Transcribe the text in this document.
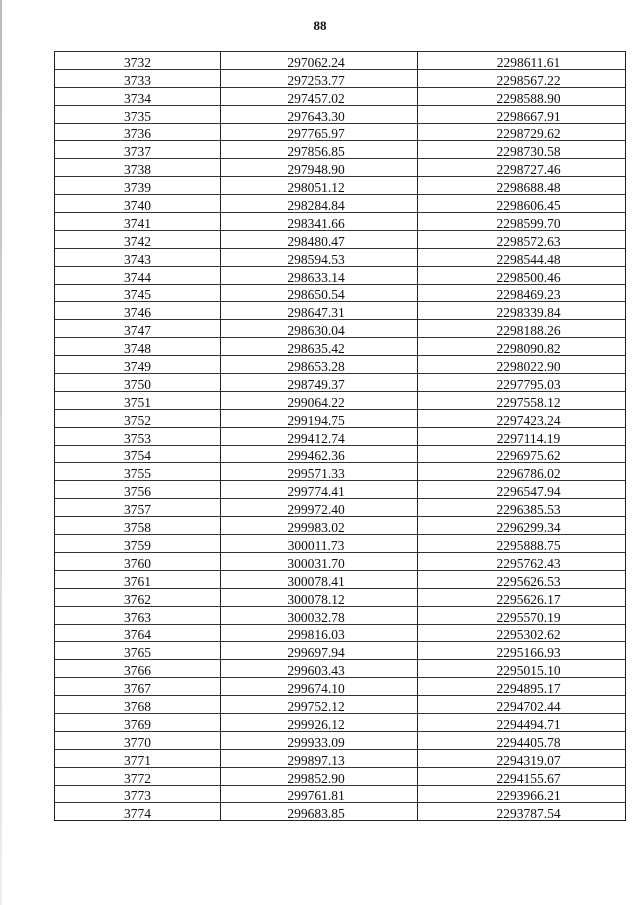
88
3732	297062.24	2298611.61
3733	297253.77	2298567.22
3734	297457.02	2298588.90
3735	297643.30	2298667.91
3736	297765.97	2298729.62
3737	297856.85	2298730.58
3738	297948.90	2298727.46
3739	298051.12	2298688.48
3740	298284.84	2298606.45
3741	298341.66	2298599.70
3742	298480.47	2298572.63
3743	298594.53	2298544.48
3744	298633.14	2298500.46
3745	298650.54	2298469.23
3746	298647.31	2298339.84
3747	298630.04	2298188.26
3748	298635.42	2298090.82
3749	298653.28	2298022.90
3750	298749.37	2297795.03
3751	299064.22	2297558.12
3752	299194.75	2297423.24
3753	299412.74	2297114.19
3754	299462.36	2296975.62
3755	299571.33	2296786.02
3756	299774.41	2296547.94
3757	299972.40	2296385.53
3758	299983.02	2296299.34
3759	300011.73	2295888.75
3760	300031.70	2295762.43
3761	300078.41	2295626.53
3762	300078.12	2295626.17
3763	300032.78	2295570.19
3764	299816.03	2295302.62
3765	299697.94	2295166.93
3766	299603.43	2295015.10
3767	299674.10	2294895.17
3768	299752.12	2294702.44
3769	299926.12	2294494.71
3770	299933.09	2294405.78
3771	299897.13	2294319.07
3772	299852.90	2294155.67
3773	299761.81	2293966.21
3774	299683.85	2293787.54
